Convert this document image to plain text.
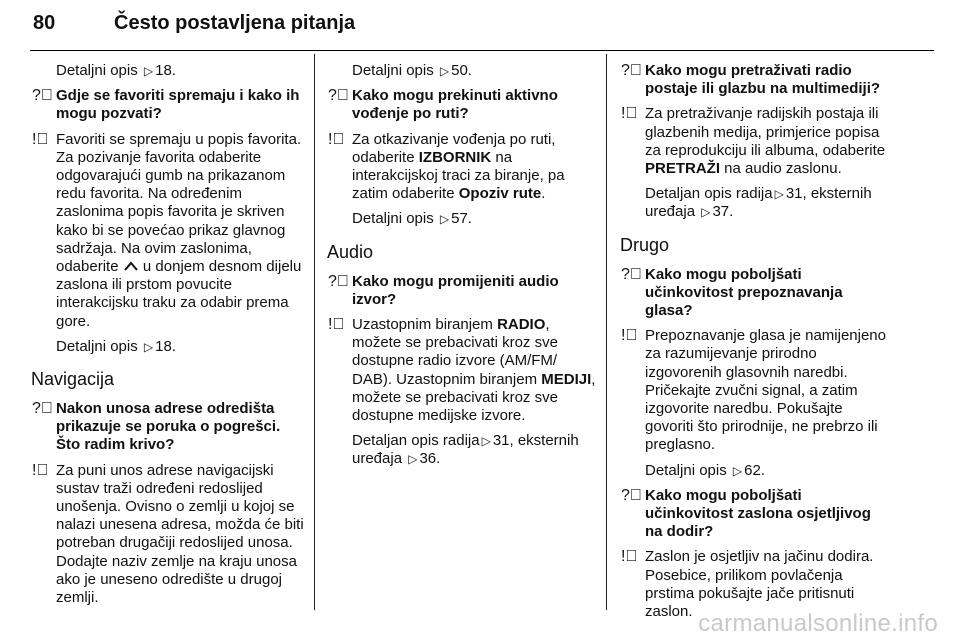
80	Često postavljena pitanja

Detaljni opis ▷ 18.

?⃝ Gdje se favoriti spremaju i kako ih mogu pozvati?

!⃝ Favoriti se spremaju u popis favorita. Za pozivanje favorita odaberite odgovarajući gumb na prikazanom redu favorita. Na određenim zaslonima popis favorita je skriven kako bi se povećao prikaz glavnog sadržaja. Na ovim zaslonima, odaberite u donjem desnom dijelu zaslona ili prstom povucite interakcijsku traku za odabir prema gore.

Detaljni opis ▷ 18.

Navigacija

?⃝ Nakon unosa adrese odredišta prikazuje se poruka o pogrešci. Što radim krivo?

!⃝ Za puni unos adrese navigacijski sustav traži određeni redoslijed unošenja. Ovisno o zemlji u kojoj se nalazi unesena adresa, možda će biti potreban drugačiji redoslijed unosa. Dodajte naziv zemlje na kraju unosa ako je uneseno odredište u drugoj zemlji.

Detaljni opis ▷ 50.

?⃝ Kako mogu prekinuti aktivno vođenje po ruti?

!⃝ Za otkazivanje vođenja po ruti, odaberite IZBORNIK na interakcijskoj traci za biranje, pa zatim odaberite Opoziv rute.

Detaljni opis ▷ 57.

Audio

?⃝ Kako mogu promijeniti audio izvor?

!⃝ Uzastopnim biranjem RADIO, možete se prebacivati kroz sve dostupne radio izvore (AM/FM/ DAB). Uzastopnim biranjem MEDIJI, možete se prebacivati kroz sve dostupne medijske izvore.

Detaljan opis radija ▷ 31, eksternih uređaja ▷ 36.

?⃝ Kako mogu pretraživati radio postaje ili glazbu na multimediji?

!⃝ Za pretraživanje radijskih postaja ili glazbenih medija, primjerice popisa za reprodukciju ili albuma, odaberite PRETRAŽI na audio zaslonu.

Detaljan opis radija ▷ 31, eksternih uređaja ▷ 37.

Drugo

?⃝ Kako mogu poboljšati učinkovitost prepoznavanja glasa?

!⃝ Prepoznavanje glasa je namijenjeno za razumijevanje prirodno izgovorenih glasovnih naredbi. Pričekajte zvučni signal, a zatim izgovorite naredbu. Pokušajte govoriti što prirodnije, ne prebrzo ili preglasno.

Detaljni opis ▷ 62.

?⃝ Kako mogu poboljšati učinkovitost zaslona osjetljivog na dodir?

!⃝ Zaslon je osjetljiv na jačinu dodira. Posebice, prilikom povlačenja prstima pokušajte jače pritisnuti zaslon. carmanualsonline.info
